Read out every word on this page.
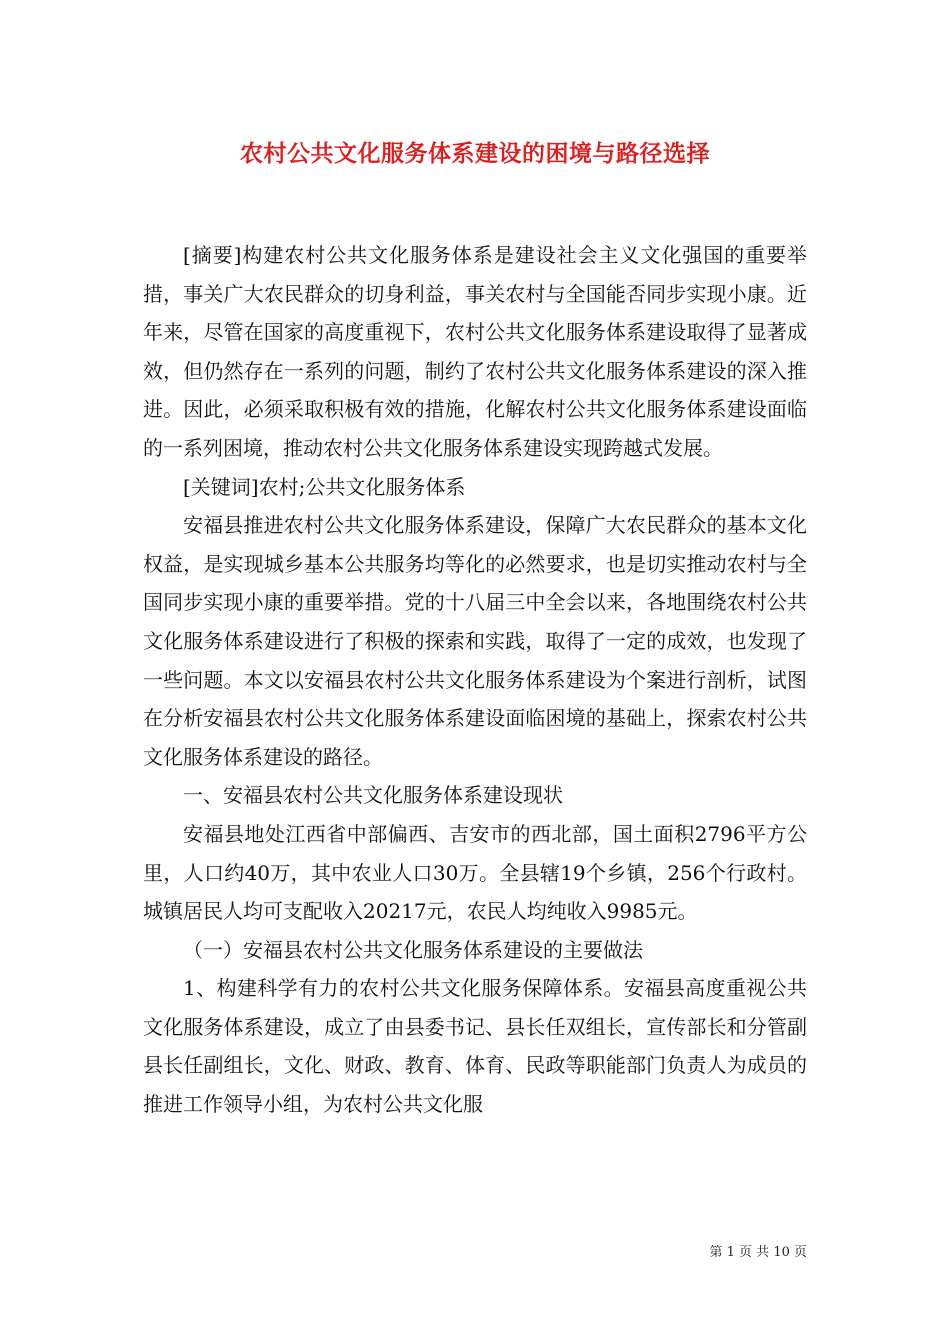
农村公共文化服务体系建设的困境与路径选择

[摘要]构建农村公共文化服务体系是建设社会主义文化强国的重要举措，事关广大农民群众的切身利益，事关农村与全国能否同步实现小康。近年来，尽管在国家的高度重视下，农村公共文化服务体系建设取得了显著成效，但仍然存在一系列的问题，制约了农村公共文化服务体系建设的深入推进。因此，必须采取积极有效的措施，化解农村公共文化服务体系建设面临的一系列困境，推动农村公共文化服务体系建设实现跨越式发展。

[关键词]农村;公共文化服务体系

安福县推进农村公共文化服务体系建设，保障广大农民群众的基本文化权益，是实现城乡基本公共服务均等化的必然要求，也是切实推动农村与全国同步实现小康的重要举措。党的十八届三中全会以来，各地围绕农村公共文化服务体系建设进行了积极的探索和实践，取得了一定的成效，也发现了一些问题。本文以安福县农村公共文化服务体系建设为个案进行剖析，试图在分析安福县农村公共文化服务体系建设面临困境的基础上，探索农村公共文化服务体系建设的路径。

一、安福县农村公共文化服务体系建设现状

安福县地处江西省中部偏西、吉安市的西北部，国土面积2796平方公里，人口约40万，其中农业人口30万。全县辖19个乡镇，256个行政村。城镇居民人均可支配收入20217元，农民人均纯收入9985元。

（一）安福县农村公共文化服务体系建设的主要做法

1、构建科学有力的农村公共文化服务保障体系。安福县高度重视公共文化服务体系建设，成立了由县委书记、县长任双组长，宣传部长和分管副县长任副组长，文化、财政、教育、体育、民政等职能部门负责人为成员的推进工作领导小组，为农村公共文化服

第 1 页 共 10 页
